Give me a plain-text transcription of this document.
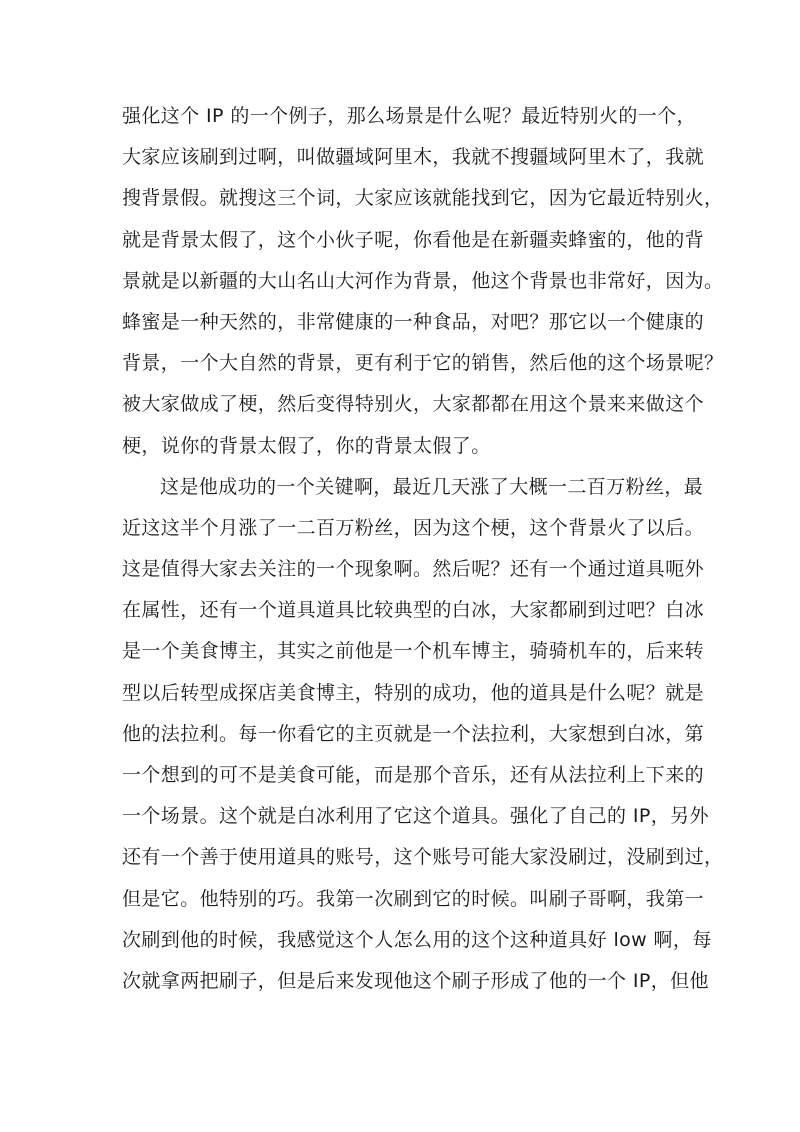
强化这个 IP 的一个例子，那么场景是什么呢？最近特别火的一个，
大家应该刷到过啊，叫做疆域阿里木，我就不搜疆域阿里木了，我就
搜背景假。就搜这三个词，大家应该就能找到它，因为它最近特别火，
就是背景太假了，这个小伙子呢，你看他是在新疆卖蜂蜜的，他的背
景就是以新疆的大山名山大河作为背景，他这个背景也非常好，因为。
蜂蜜是一种天然的，非常健康的一种食品，对吧？那它以一个健康的
背景，一个大自然的背景，更有利于它的销售，然后他的这个场景呢？
被大家做成了梗，然后变得特别火，大家都都在用这个景来来做这个
梗，说你的背景太假了，你的背景太假了。
这是他成功的一个关键啊，最近几天涨了大概一二百万粉丝，最
近这这半个月涨了一二百万粉丝，因为这个梗，这个背景火了以后。
这是值得大家去关注的一个现象啊。然后呢？还有一个通过道具呃外
在属性，还有一个道具道具比较典型的白冰，大家都刷到过吧？白冰
是一个美食博主，其实之前他是一个机车博主，骑骑机车的，后来转
型以后转型成探店美食博主，特别的成功，他的道具是什么呢？就是
他的法拉利。每一你看它的主页就是一个法拉利，大家想到白冰，第
一个想到的可不是美食可能，而是那个音乐，还有从法拉利上下来的
一个场景。这个就是白冰利用了它这个道具。强化了自己的 IP，另外
还有一个善于使用道具的账号，这个账号可能大家没刷过，没刷到过，
但是它。他特别的巧。我第一次刷到它的时候。叫刷子哥啊，我第一
次刷到他的时候，我感觉这个人怎么用的这个这种道具好 low 啊，每
次就拿两把刷子，但是后来发现他这个刷子形成了他的一个 IP，但他
